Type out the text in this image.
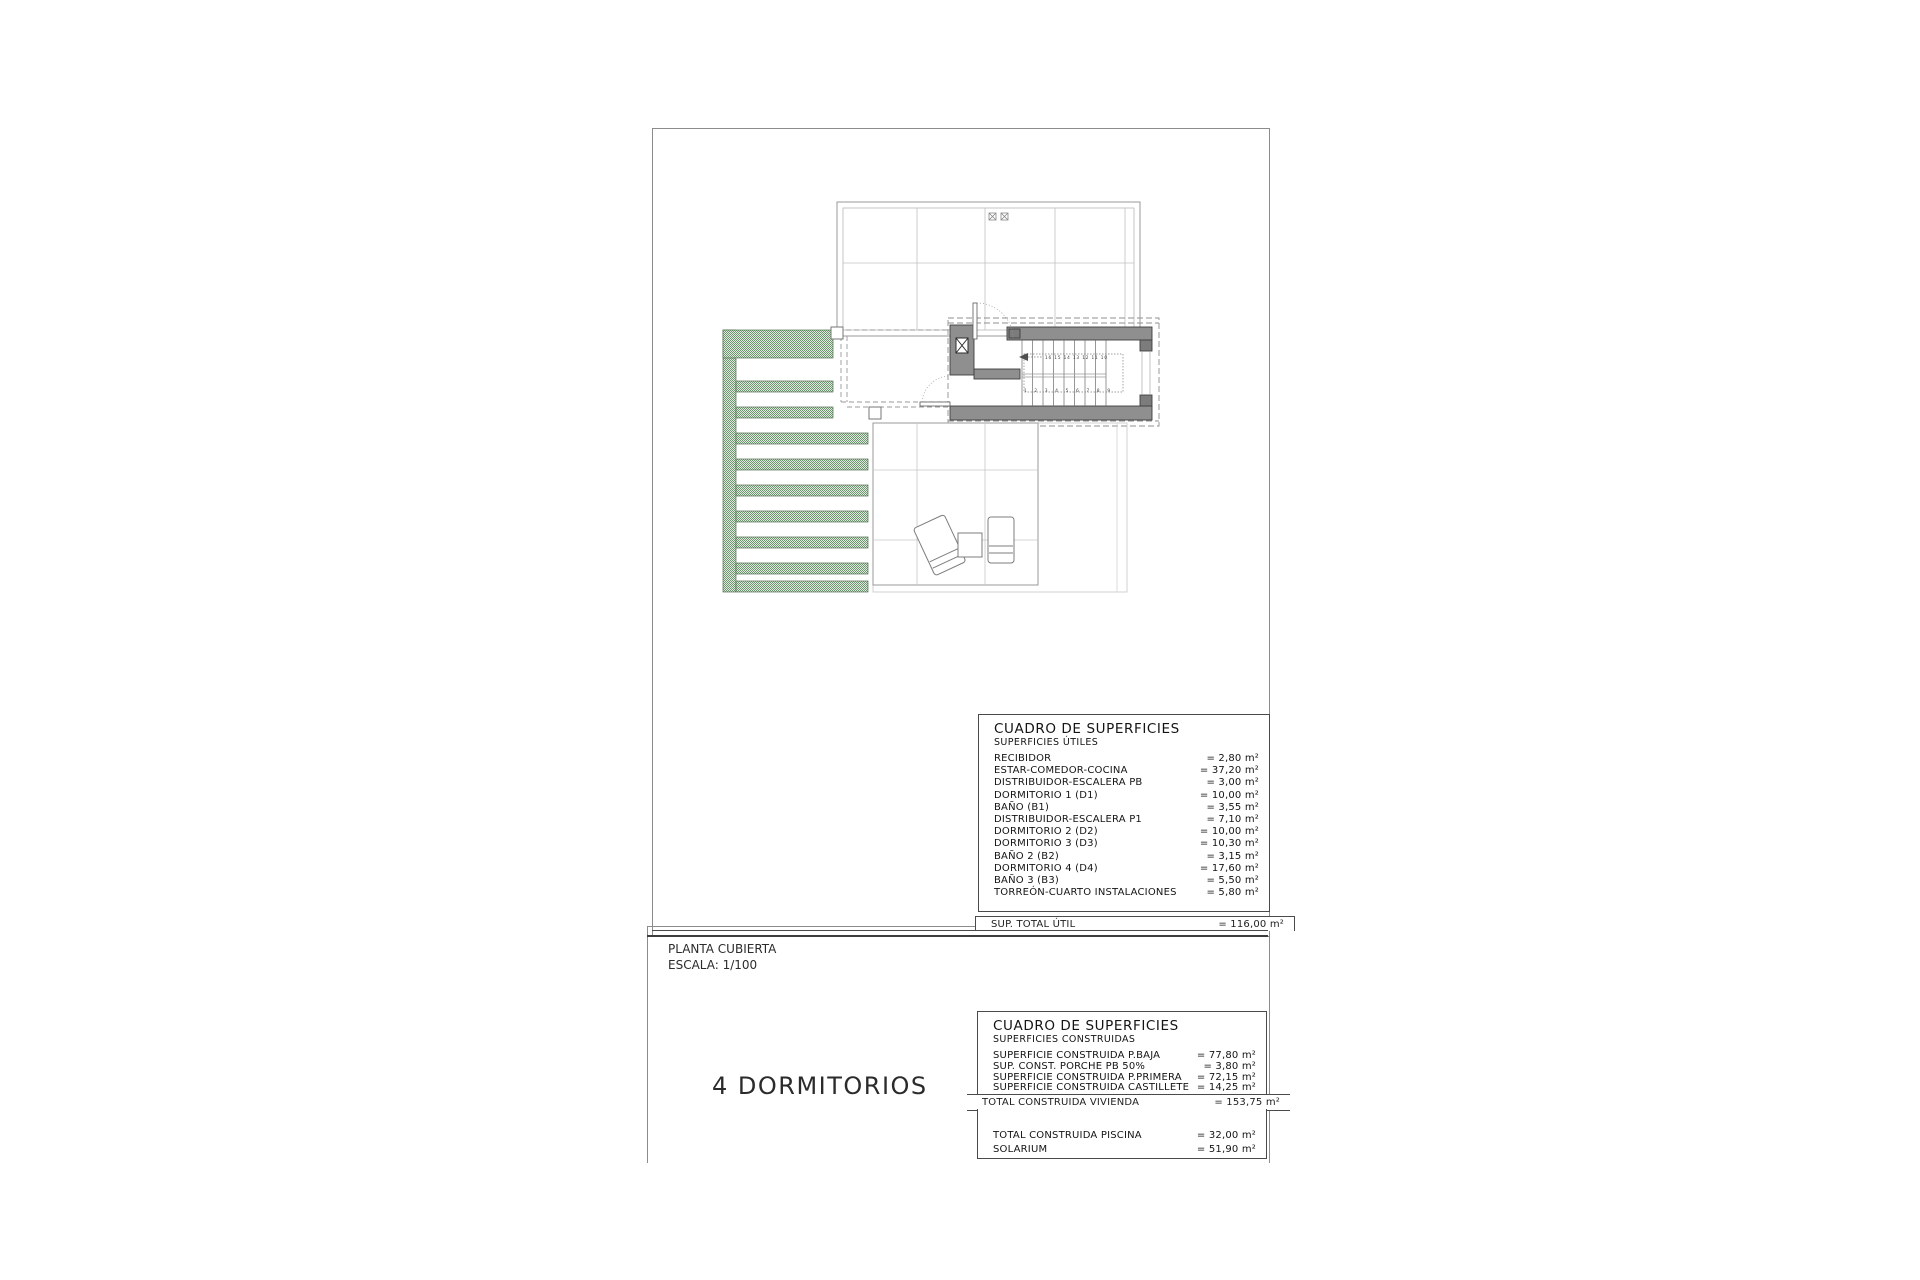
16 15 14 13 12 11 10
1 2 3 4 5 6 7 8 9
CUADRO DE SUPERFICIES
SUPERFICIES ÚTILES
RECIBIDOR	= 2,80 m²
ESTAR-COMEDOR-COCINA	= 37,20 m²
DISTRIBUIDOR-ESCALERA PB	= 3,00 m²
DORMITORIO 1 (D1)	= 10,00 m²
BAÑO (B1)	= 3,55 m²
DISTRIBUIDOR-ESCALERA P1	= 7,10 m²
DORMITORIO 2 (D2)	= 10,00 m²
DORMITORIO 3 (D3)	= 10,30 m²
BAÑO 2 (B2)	= 3,15 m²
DORMITORIO 4 (D4)	= 17,60 m²
BAÑO 3 (B3)	= 5,50 m²
TORREÓN-CUARTO INSTALACIONES	= 5,80 m²
SUP. TOTAL ÚTIL	= 116,00 m²
PLANTA CUBIERTA
ESCALA: 1/100
4 DORMITORIOS
CUADRO DE SUPERFICIES
SUPERFICIES CONSTRUIDAS
SUPERFICIE CONSTRUIDA P.BAJA	= 77,80 m²
SUP. CONST. PORCHE PB 50%	= 3,80 m²
SUPERFICIE CONSTRUIDA P.PRIMERA = 72,15 m²
SUPERFICIE CONSTRUIDA CASTILLETE = 14,25 m²
TOTAL CONSTRUIDA VIVIENDA	= 153,75 m²
TOTAL CONSTRUIDA PISCINA	= 32,00 m²
SOLARIUM	= 51,90 m²
